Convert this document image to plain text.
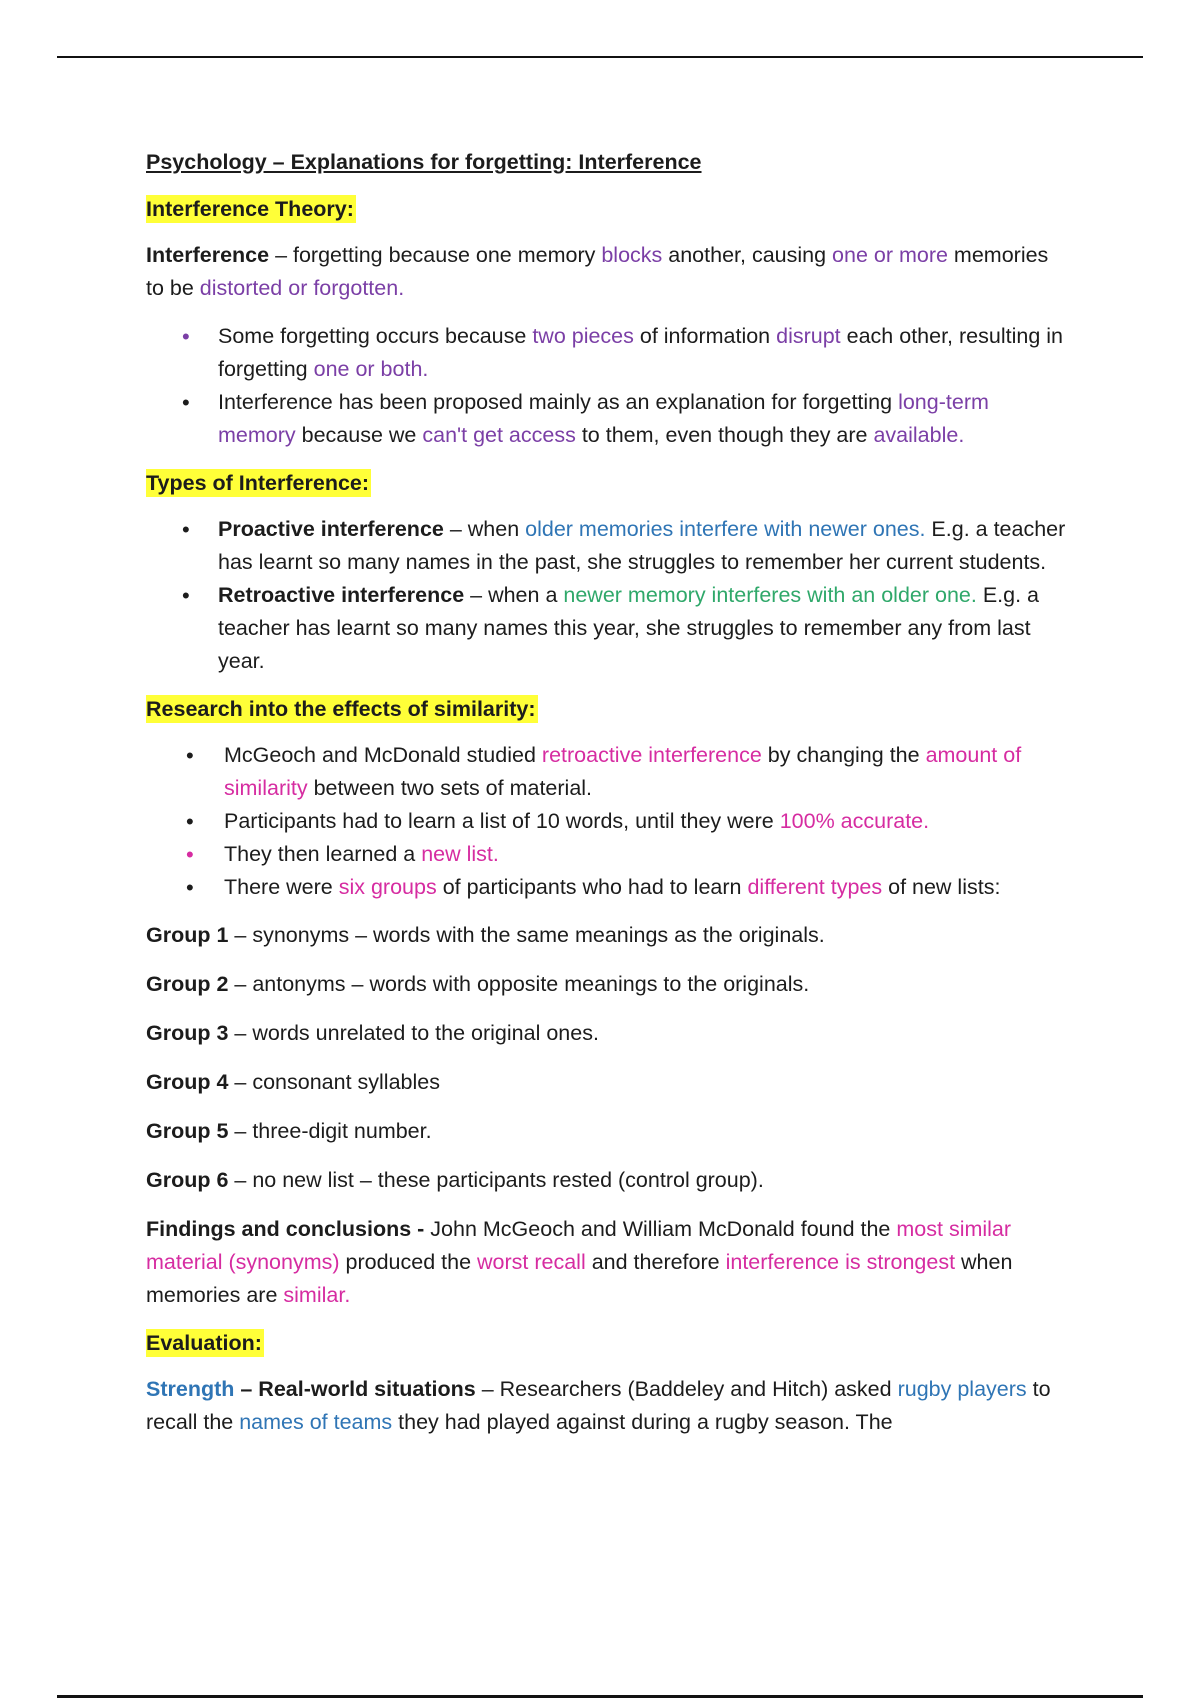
Psychology – Explanations for forgetting: Interference
Interference Theory:

Interference – forgetting because one memory blocks another, causing one or more memories to be distorted or forgotten.

• Some forgetting occurs because two pieces of information disrupt each other, resulting in forgetting one or both.
• Interference has been proposed mainly as an explanation for forgetting long-term memory because we can't get access to them, even though they are available.
Types of Interference:
• Proactive interference – when older memories interfere with newer ones. E.g. a teacher has learnt so many names in the past, she struggles to remember her current students.
• Retroactive interference – when a newer memory interferes with an older one. E.g. a teacher has learnt so many names this year, she struggles to remember any from last year.
Research into the effects of similarity:
• McGeoch and McDonald studied retroactive interference by changing the amount of similarity between two sets of material.
• Participants had to learn a list of 10 words, until they were 100% accurate.
• They then learned a new list.
• There were six groups of participants who had to learn different types of new lists:
Group 1 – synonyms – words with the same meanings as the originals.
Group 2 – antonyms – words with opposite meanings to the originals.
Group 3 – words unrelated to the original ones.
Group 4 – consonant syllables
Group 5 – three-digit number.
Group 6 – no new list – these participants rested (control group).

Findings and conclusions - John McGeoch and William McDonald found the most similar material (synonyms) produced the worst recall and therefore interference is strongest when memories are similar.

Evaluation:

Strength – Real-world situations – Researchers (Baddeley and Hitch) asked rugby players to recall the names of teams they had played against during a rugby season. The
